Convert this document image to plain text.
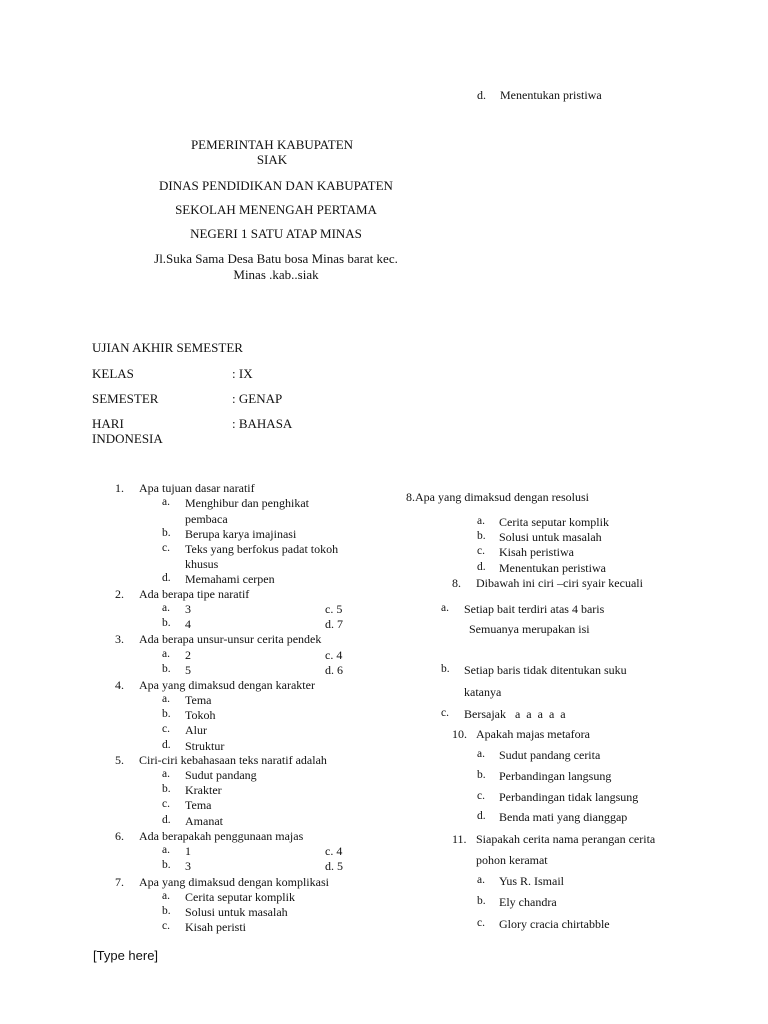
d. Menentukan pristiwa
PEMERINTAH KABUPATEN
SIAK
DINAS PENDIDIKAN DAN KABUPATEN
SEKOLAH MENENGAH PERTAMA
NEGERI 1 SATU ATAP MINAS
Jl.Suka Sama Desa Batu bosa Minas barat kec.
Minas .kab..siak
UJIAN AKHIR SEMESTER
KELAS	: IX
SEMESTER	: GENAP
HARI	: BAHASA
INDONESIA
1. Apa tujuan dasar naratif
a. Menghibur dan penghikat
pembaca
b. Berupa karya imajinasi
c. Teks yang berfokus padat tokoh
khusus
d. Memahami cerpen
2. Ada berapa tipe naratif
a. 3	c. 5
b. 4	d. 7
3. Ada berapa unsur-unsur cerita pendek
a. 2	c. 4
b. 5	d. 6
4. Apa yang dimaksud dengan karakter
a. Tema
b. Tokoh
c. Alur
d. Struktur
5. Ciri-ciri kebahasaan teks naratif adalah
a. Sudut pandang
b. Krakter
c. Tema
d. Amanat
6. Ada berapakah penggunaan majas
a. 1	c. 4
b. 3	d. 5
7. Apa yang dimaksud dengan komplikasi
a. Cerita seputar komplik
b. Solusi untuk masalah
c. Kisah peristi
8.Apa yang dimaksud dengan resolusi
a. Cerita seputar komplik
b. Solusi untuk masalah
c. Kisah peristiwa
d. Menentukan peristiwa
8. Dibawah ini ciri –ciri syair kecuali
a. Setiap bait terdiri atas 4 baris
Semuanya merupakan isi
b. Setiap baris tidak ditentukan suku
katanya
c. Bersajak   a  a  a  a  a
10. Apakah majas metafora
a. Sudut pandang cerita
b. Perbandingan langsung
c. Perbandingan tidak langsung
d. Benda mati yang dianggap
11. Siapakah cerita nama perangan cerita
pohon keramat
a. Yus R. Ismail
b. Ely chandra
c. Glory cracia chirtabble
[Type here]
